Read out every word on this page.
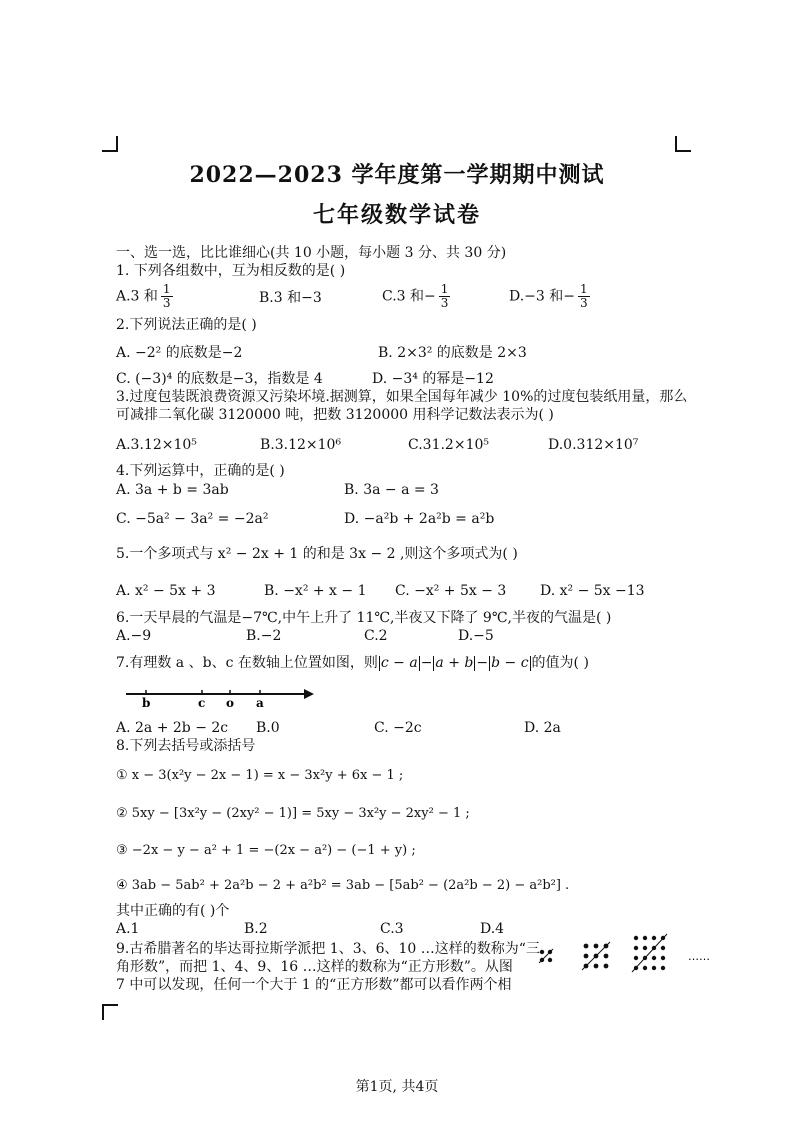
2022—2023 学年度第一学期期中测试
七年级数学试卷
一、选一选，比比谁细心(共 10 小题，每小题 3 分、共 30 分)
1. 下列各组数中，互为相反数的是( )
A.3 和 $\frac{1}{3}$	B.3 和−3	C.3 和− $\frac{1}{3}$	D.−3 和− $\frac{1}{3}$
2.下列说法正确的是( )
A. −2² 的底数是−2	B. 2×3² 的底数是 2×3
C. (−3)⁴ 的底数是−3，指数是 4	D. −3⁴ 的幂是−12
3.过度包装既浪费资源又污染坏境.据测算，如果全国每年减少 10%的过度包装纸用量，那么
可减排二氧化碳 3120000 吨，把数 3120000 用科学记数法表示为( )
A.3.12×10⁵	B.3.12×10⁶	C.31.2×10⁵	D.0.312×10⁷
4.下列运算中，正确的是( )
A. 3a + b = 3ab	B. 3a − a = 3
C. −5a² − 3a² = −2a²	D. −a²b + 2a²b = a²b
5.一个多项式与 x² − 2x + 1 的和是 3x − 2 ,则这个多项式为( )
A. x² − 5x + 3	B. −x² + x − 1 C. −x² + 5x − 3 D. x² − 5x −13
6.一天早晨的气温是−7℃,中午上升了 11℃,半夜又下降了 9℃,半夜的气温是( )
A.−9	B.−2	C.2	D.−5
7.有理数 a 、b、c 在数轴上位置如图，则 c − a − a + b − b − c 的值为( )
b	c o a
A. 2a + 2b − 2c B.0	C. −2c	D. 2a
8.下列去括号或添括号
① x − 3(x²y − 2x − 1) = x − 3x²y + 6x − 1 ;
② 5xy − [3x²y − (2xy² − 1)] = 5xy − 3x²y − 2xy² − 1 ;
③ −2x − y − a² + 1 = −(2x − a²) − (−1 + y) ;
④ 3ab − 5ab² + 2a²b − 2 + a²b² = 3ab − [5ab² − (2a²b − 2) − a²b²] .
其中正确的有( )个
A.1	B.2	C.3	D.4
9.古希腊著名的毕达哥拉斯学派把 1、3、6、10 …这样的数称为“三
角形数”，而把 1、4、9、16 …这样的数称为“正方形数”。从图
7 中可以发现，任何一个大于 1 的“正方形数”都可以看作两个相
……
第1页, 共4页
